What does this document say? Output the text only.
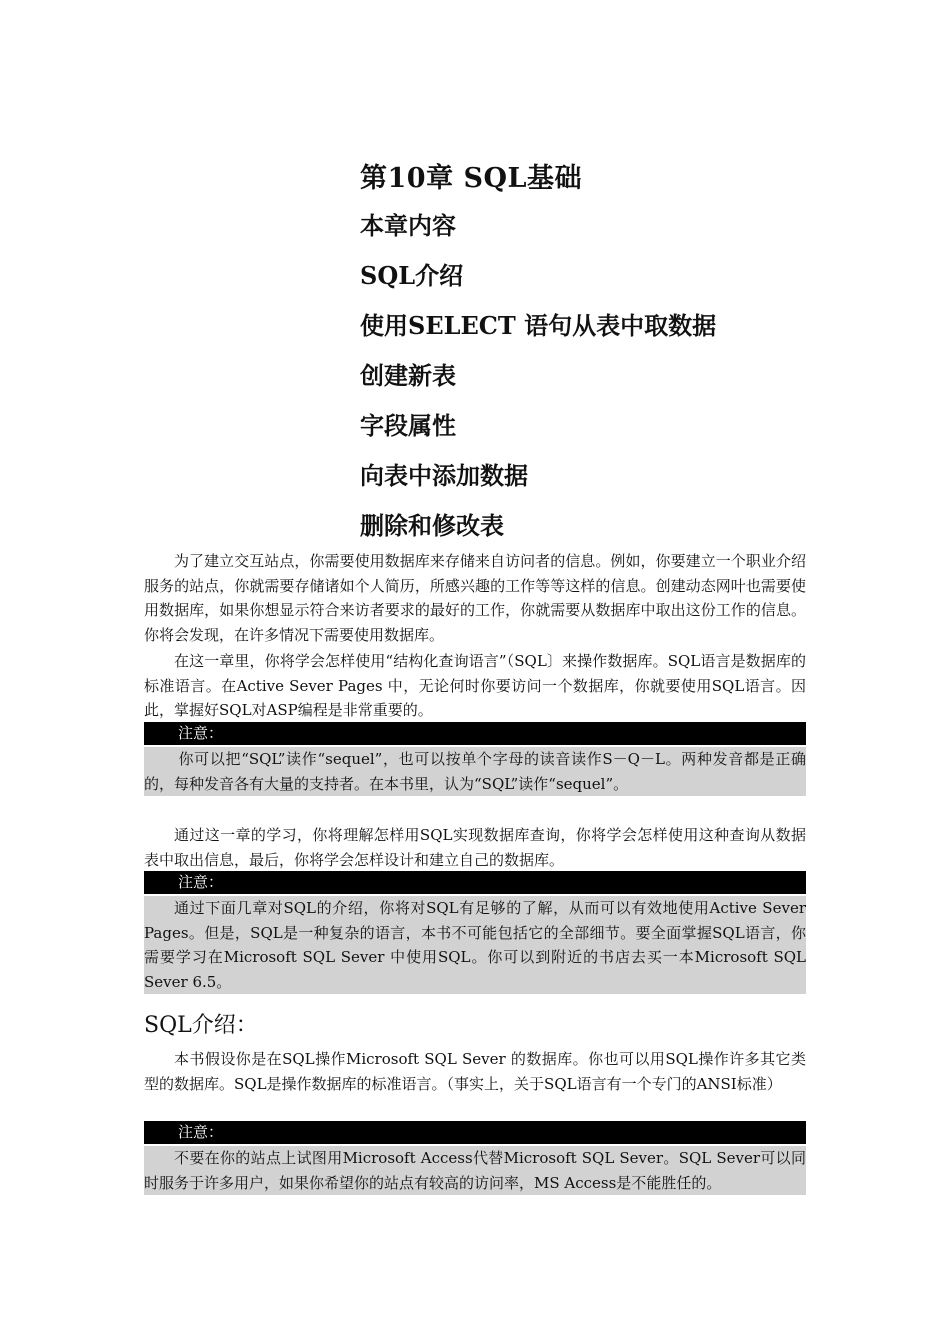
第10章 SQL基础
本章内容
SQL介绍
使用SELECT 语句从表中取数据
创建新表
字段属性
向表中添加数据
删除和修改表

为了建立交互站点，你需要使用数据库来存储来自访问者的信息。例如，你要建立一个职业介绍服务的站点，你就需要存储诸如个人简历，所感兴趣的工作等等这样的信息。创建动态网叶也需要使用数据库，如果你想显示符合来访者要求的最好的工作，你就需要从数据库中取出这份工作的信息。你将会发现，在许多情况下需要使用数据库。

在这一章里，你将学会怎样使用“结构化查询语言”（SQL〕来操作数据库。SQL语言是数据库的标准语言。在Active Sever Pages 中，无论何时你要访问一个数据库，你就要使用SQL语言。因此，掌握好SQL对ASP编程是非常重要的。

注意：

你可以把“SQL”读作“sequel”，也可以按单个字母的读音读作S－Q－L。两种发音都是正确的，每种发音各有大量的支持者。在本书里，认为“SQL”读作“sequel”。

通过这一章的学习，你将理解怎样用SQL实现数据库查询，你将学会怎样使用这种查询从数据表中取出信息，最后，你将学会怎样设计和建立自己的数据库。

注意：

通过下面几章对SQL的介绍，你将对SQL有足够的了解，从而可以有效地使用Active Sever Pages。但是，SQL是一种复杂的语言，本书不可能包括它的全部细节。要全面掌握SQL语言，你需要学习在Microsoft SQL Sever 中使用SQL。你可以到附近的书店去买一本Microsoft SQL Sever 6.5。

SQL介绍：

本书假设你是在SQL操作Microsoft SQL Sever 的数据库。你也可以用SQL操作许多其它类型的数据库。SQL是操作数据库的标准语言。（事实上，关于SQL语言有一个专门的ANSI标准）

注意：

不要在你的站点上试图用Microsoft Access代替Microsoft SQL Sever。SQL Sever可以同时服务于许多用户，如果你希望你的站点有较高的访问率，MS Access是不能胜任的。
